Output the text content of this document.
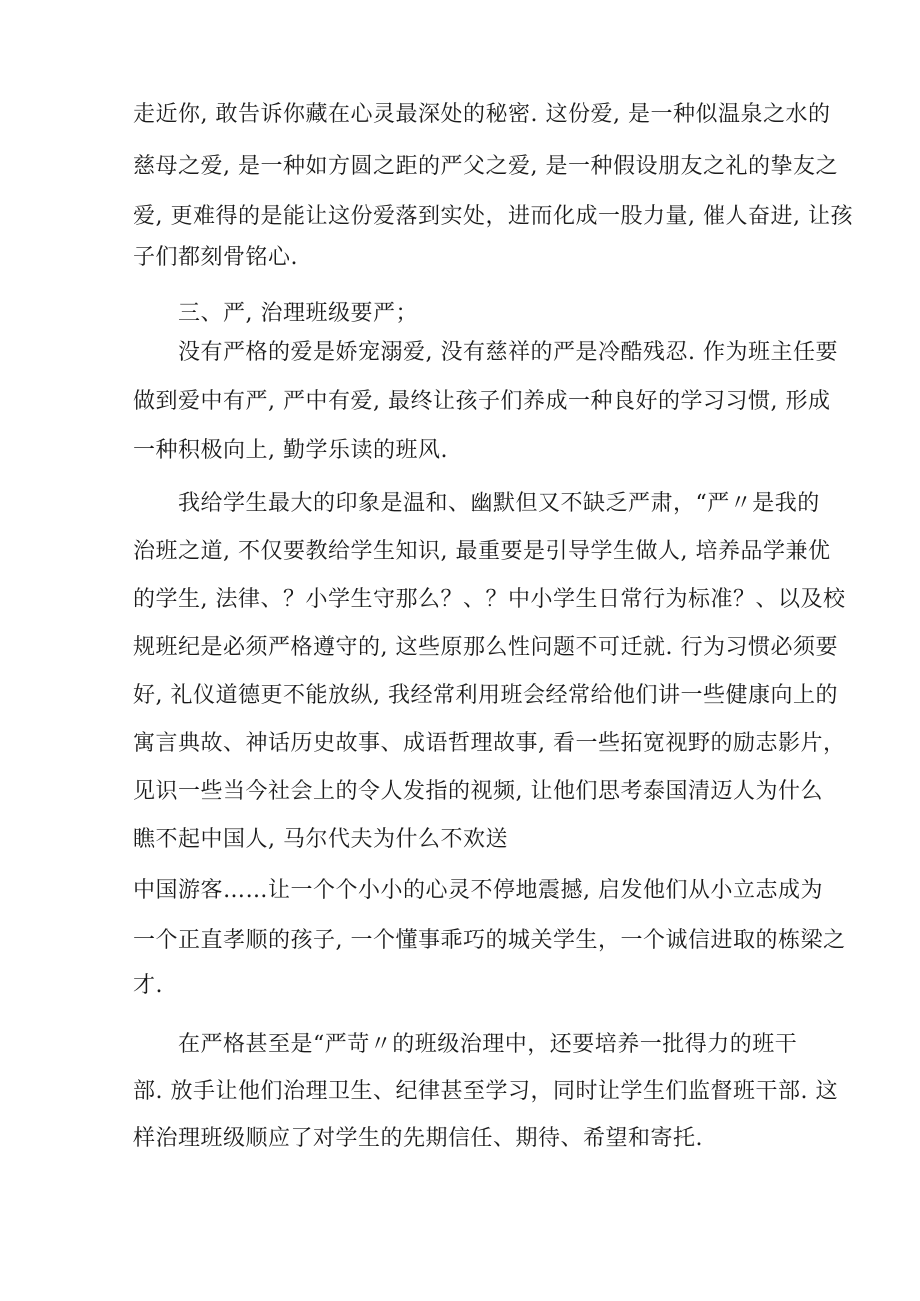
走近你, 敢告诉你藏在心灵最深处的秘密. 这份爱, 是一种似温泉之水的
慈母之爱, 是一种如方圆之距的严父之爱, 是一种假设朋友之礼的挚友之
爱, 更难得的是能让这份爱落到实处，进而化成一股力量, 催人奋进, 让孩
子们都刻骨铭心.
三、严, 治理班级要严；
没有严格的爱是娇宠溺爱, 没有慈祥的严是冷酷残忍. 作为班主任要
做到爱中有严, 严中有爱, 最终让孩子们养成一种良好的学习习惯, 形成
一种积极向上, 勤学乐读的班风.
我给学生最大的印象是温和、幽默但又不缺乏严肃，“严〃是我的
治班之道, 不仅要教给学生知识, 最重要是引导学生做人, 培养品学兼优
的学生, 法律、？小学生守那么？、？中小学生日常行为标准？、以及校
规班纪是必须严格遵守的, 这些原那么性问题不可迁就. 行为习惯必须要
好, 礼仪道德更不能放纵, 我经常利用班会经常给他们讲一些健康向上的
寓言典故、神话历史故事、成语哲理故事, 看一些拓宽视野的励志影片，
见识一些当今社会上的令人发指的视频, 让他们思考泰国清迈人为什么
瞧不起中国人, 马尔代夫为什么不欢送
中国游客……让一个个小小的心灵不停地震撼, 启发他们从小立志成为
一个正直孝顺的孩子, 一个懂事乖巧的城关学生，一个诚信进取的栋梁之
才.
在严格甚至是“严苛〃的班级治理中，还要培养一批得力的班干
部. 放手让他们治理卫生、纪律甚至学习，同时让学生们监督班干部. 这
样治理班级顺应了对学生的先期信任、期待、希望和寄托.
